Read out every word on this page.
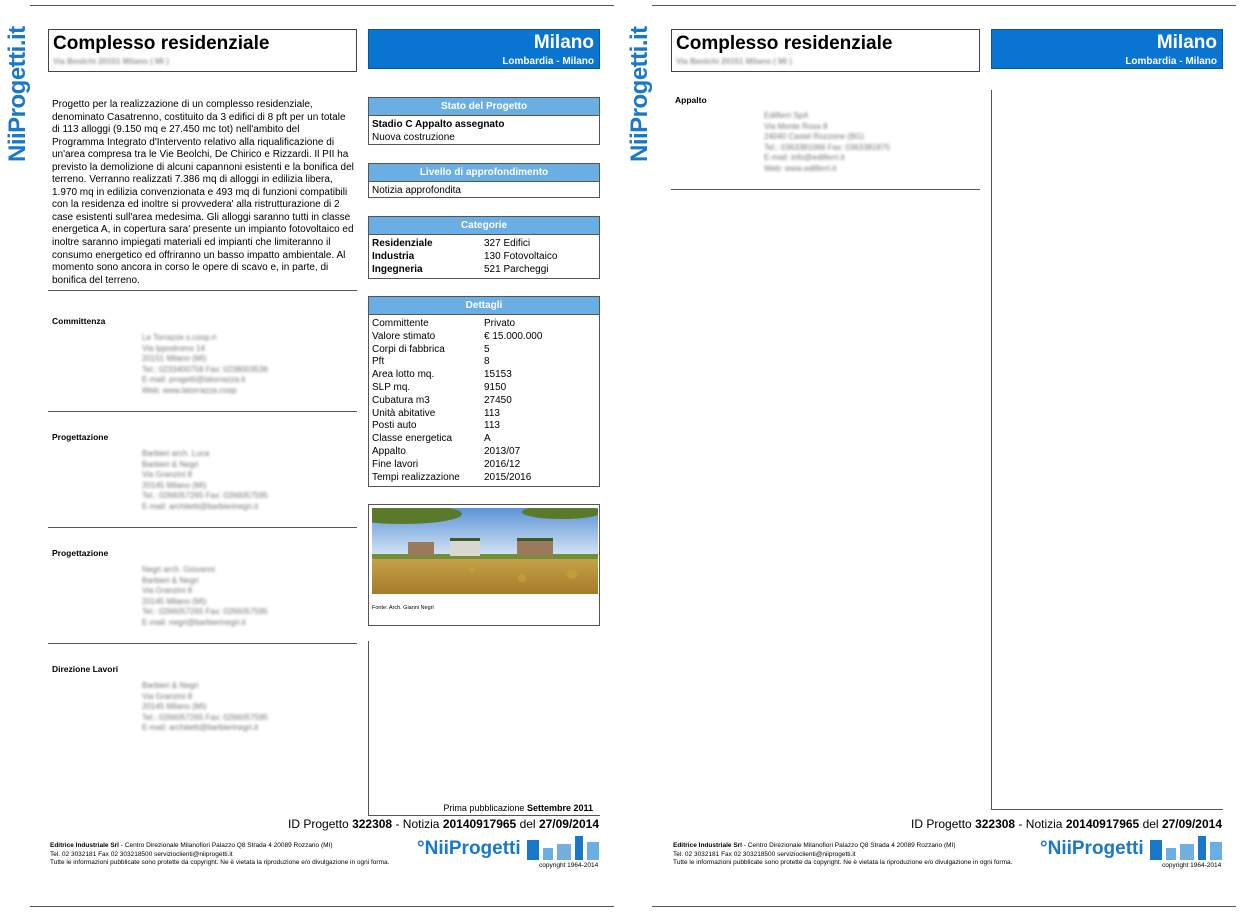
NiiProgetti.it Complesso residenziale
Via Beolchi 20151 Milano ( MI )
Milano
Lombardia - Milano
Progetto per la realizzazione di un complesso residenziale,
denominato Casatrenno, costituito da 3 edifici di 8 pft per un totale
di 113 alloggi (9.150 mq e 27.450 mc tot) nell'ambito del
Programma Integrato d'Intervento relativo alla riqualificazione di
un'area compresa tra le Vie Beolchi, De Chirico e Rizzardi. Il PII ha
previsto la demolizione di alcuni capannoni esistenti e la bonifica del
terreno. Verranno realizzati 7.386 mq di alloggi in edilizia libera,
1.970 mq in edilizia convenzionata e 493 mq di funzioni compatibili
con la residenza ed inoltre si provvedera' alla ristrutturazione di 2
case esistenti sull'area medesima. Gli alloggi saranno tutti in classe
energetica A, in copertura sara' presente un impianto fotovoltaico ed
inoltre saranno impiegati materiali ed impianti che limiteranno il
consumo energetico ed offriranno un basso impatto ambientale. Al
momento sono ancora in corso le opere di scavo e, in parte, di
bonifica del terreno.
Committenza
Le Torrazze s.coop.rl
Via Ippodromo 14
20151 Milano (MI)
Tel.: 0233400758 Fax: 0238003536
E-mail: progetti@latorrazza.it
Web: www.latorrazza.coop
Progettazione
Barbieri arch. Luca
Barbieri & Negri
Via Granzini 8
20145 Milano (MI)
Tel.: 0266057265 Fax: 0266057595
E-mail: architetti@barbierinegri.it
Progettazione
Negri arch. Giovanni
Barbieri & Negri
Via Granzini 8
20145 Milano (MI)
Tel.: 0266057265 Fax: 0266057595
E-mail: negri@barbierinegri.it
Direzione Lavori
Barbieri & Negri
Via Granzini 8
20145 Milano (MI)
Tel.: 0266057265 Fax: 0266057595
E-mail: architetti@barbierinegri.it
Stato del Progetto
Stadio C Appalto assegnato
Nuova costruzione
Livello di approfondimento
Notizia approfondita
Categorie
Residenziale	327 Edifici
Industria	130 Fotovoltaico
Ingegneria	521 Parcheggi
Dettagli
Committente	Privato
Valore stimato	€ 15.000.000
Corpi di fabbrica	5
Pft	8
Area lotto mq.	15153
SLP mq.	9150
Cubatura m3	27450
Unità abitative	113
Posti auto	113
Classe energetica	A
Appalto	2013/07
Fine lavori	2016/12
Tempi realizzazione	2015/2016
Fonte: Arch. Gianni Negri
Prima pubblicazione Settembre 2011
ID Progetto 322308 - Notizia 20140917965 del 27/09/2014
Editrice Industriale Srl - Centro Direzionale Milanofiori Palazzo Q8 Strada 4 20089 Rozzano (MI)
Tel. 02 3032181 Fax 02 303218500 servizioclienti@niiprogetti.it
Tutte le informazioni pubblicate sono protette da copyright. Ne è vietata la riproduzione e/o divulgazione in ogni forma.
°NiiProgetti
copyright 1964-2014
NiiProgetti.it Complesso residenziale
Via Beolchi 20151 Milano ( MI )
Milano
Lombardia - Milano
Appalto
Edilferri SpA
Via Monte Rosa 8
24040 Castel Rozzone (BG)
Tel.: 0363381066 Fax: 0363381875
E-mail: info@edilferri.it
Web: www.edilferri.it
ID Progetto 322308 - Notizia 20140917965 del 27/09/2014
Editrice Industriale Srl - Centro Direzionale Milanofiori Palazzo Q8 Strada 4 20089 Rozzano (MI)
Tel. 02 3032181 Fax 02 303218500 servizioclienti@niiprogetti.it
Tutte le informazioni pubblicate sono protette da copyright. Ne è vietata la riproduzione e/o divulgazione in ogni forma.
°NiiProgetti
copyright 1964-2014
